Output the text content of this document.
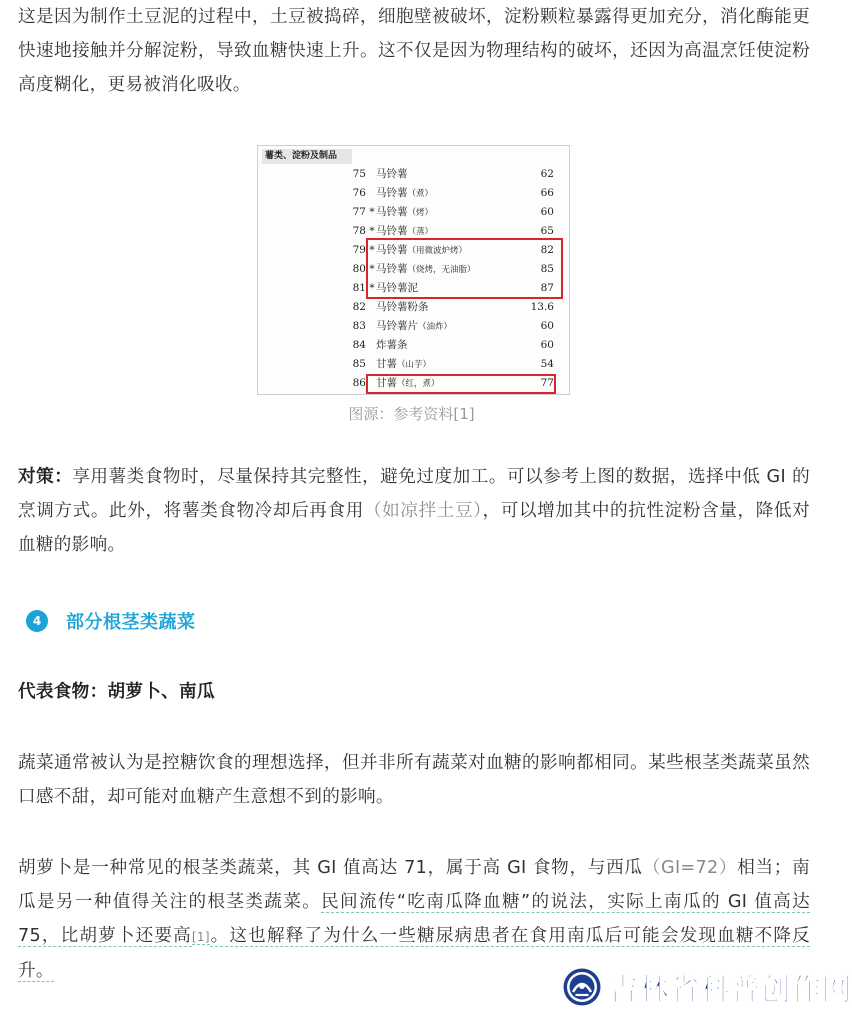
这是因为制作土豆泥的过程中，土豆被捣碎，细胞壁被破坏，淀粉颗粒暴露得更加充分，消化酶能更快速地接触并分解淀粉，导致血糖快速上升。这不仅是因为物理结构的破坏，还因为高温烹饪使淀粉高度糊化，更易被消化吸收。
薯类、淀粉及制品
75 马铃薯	62
76 马铃薯（煮）	66
77 * 马铃薯（烤）	60
78 * 马铃薯（蒸）	65
79 * 马铃薯（用微波炉烤）	82
80 * 马铃薯（烧烤，无油脂）	85
81 * 马铃薯泥	87
82 马铃薯粉条	13.6
83 马铃薯片（油炸）	60
84 炸薯条	60
85 甘薯（山芋）	54
86 甘薯（红，煮）	77
图源：参考资料[1]
对策：享用薯类食物时，尽量保持其完整性，避免过度加工。可以参考上图的数据，选择中低 GI 的烹调方式。此外，将薯类食物冷却后再食用（如凉拌土豆），可以增加其中的抗性淀粉含量，降低对血糖的影响。
4	部分根茎类蔬菜
代表食物：胡萝卜、南瓜
蔬菜通常被认为是控糖饮食的理想选择，但并非所有蔬菜对血糖的影响都相同。某些根茎类蔬菜虽然口感不甜，却可能对血糖产生意想不到的影响。
胡萝卜是一种常见的根茎类蔬菜，其 GI 值高达 71，属于高 GI 食物，与西瓜（GI=72）相当；南瓜是另一种值得关注的根茎类蔬菜。民间流传“吃南瓜降血糖”的说法，实际上南瓜的 GI 值高达 75，比胡萝卜还要高[1]。这也解释了为什么一些糖尿病患者在食用南瓜后可能会发现血糖不降反升。
吉林省科普创作网
